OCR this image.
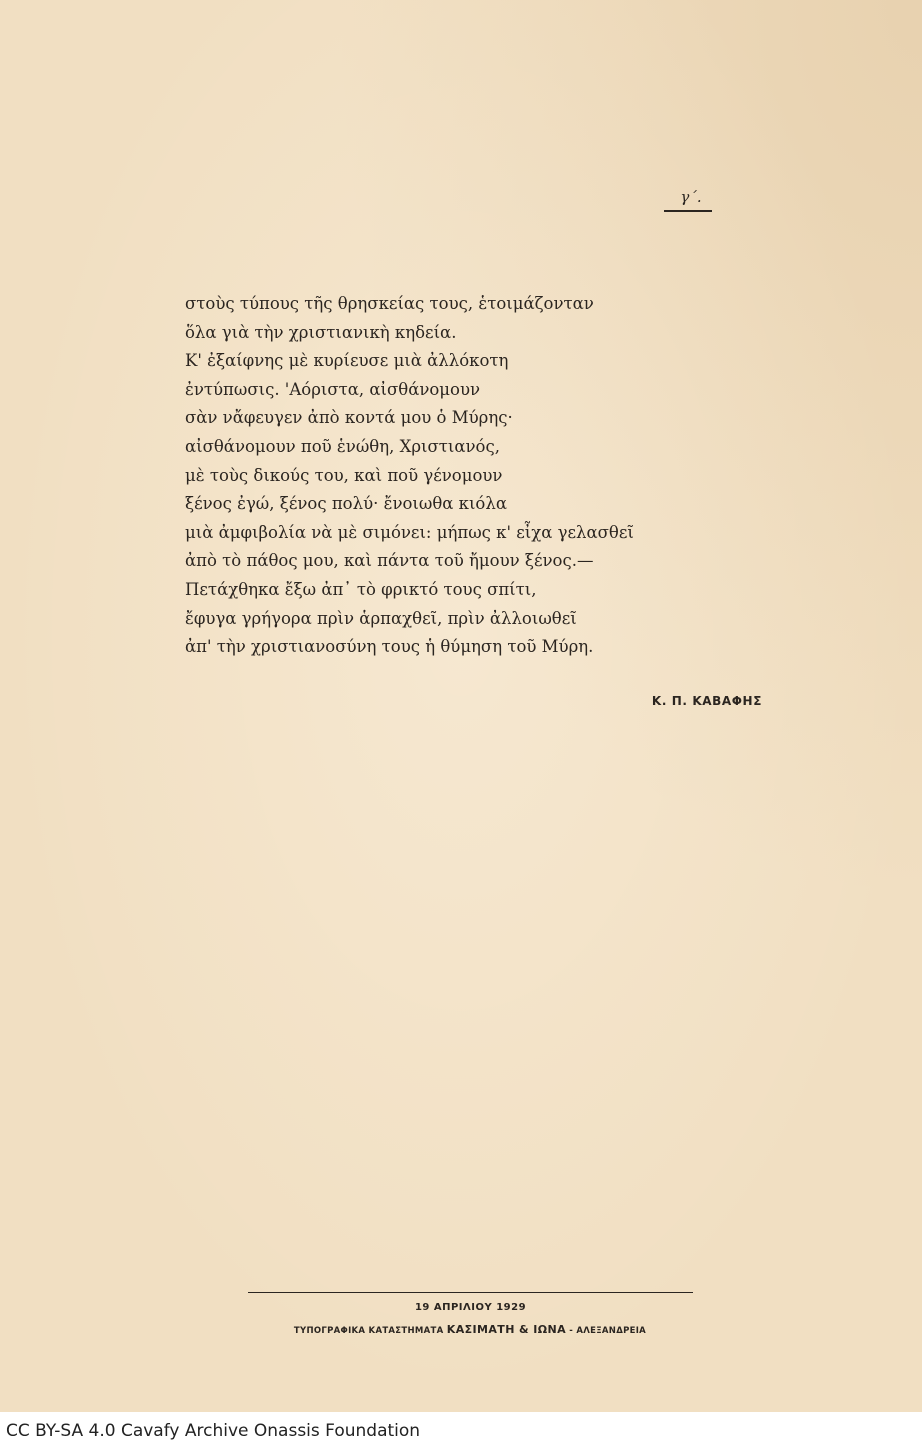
γ΄.
στοὺς τύπους τῆς θρησκείας τους, ἑτοιμάζονταν
ὅλα γιὰ τὴν χριστιανικὴ κηδεία.
Κ' ἐξαίφνης μὲ κυρίευσε μιὰ ἀλλόκοτη
ἐντύπωσις. 'Αόριστα, αἰσθάνομουν
σὰν νἄφευγεν ἀπὸ κοντά μου ὁ Μύρης·
αἰσθάνομουν ποῦ ἑνώθη, Χριστιανός,
μὲ τοὺς δικούς του, καὶ ποῦ γένομουν
ξένος ἐγώ, ξένος πολύ· ἔνοιωθα κιόλα
μιὰ ἀμφιβολία νὰ μὲ σιμόνει: μήπως κ' εἶχα γελασθεῖ
ἀπὸ τὸ πάθος μου, καὶ πάντα τοῦ ἤμουν ξένος.—
Πετάχθηκα ἔξω ἀπ᾽ τὸ φρικτό τους σπίτι,
ἔφυγα γρήγορα πρὶν ἁρπαχθεῖ, πρὶν ἀλλοιωθεῖ
ἀπ' τὴν χριστιανοσύνη τους ἡ θύμηση τοῦ Μύρη.
Κ. Π. ΚΑΒΑΦΗΣ
19 ΑΠΡΙΛΙΟΥ 1929
ΤΥΠΟΓΡΑΦΙΚΑ ΚΑΤΑΣΤΗΜΑΤΑ ΚΑΣΙΜΑΤΗ & ΙΩΝΑ - ΑΛΕΞΑΝΔΡΕΙΑ
CC BY-SA 4.0 Cavafy Archive Onassis Foundation
